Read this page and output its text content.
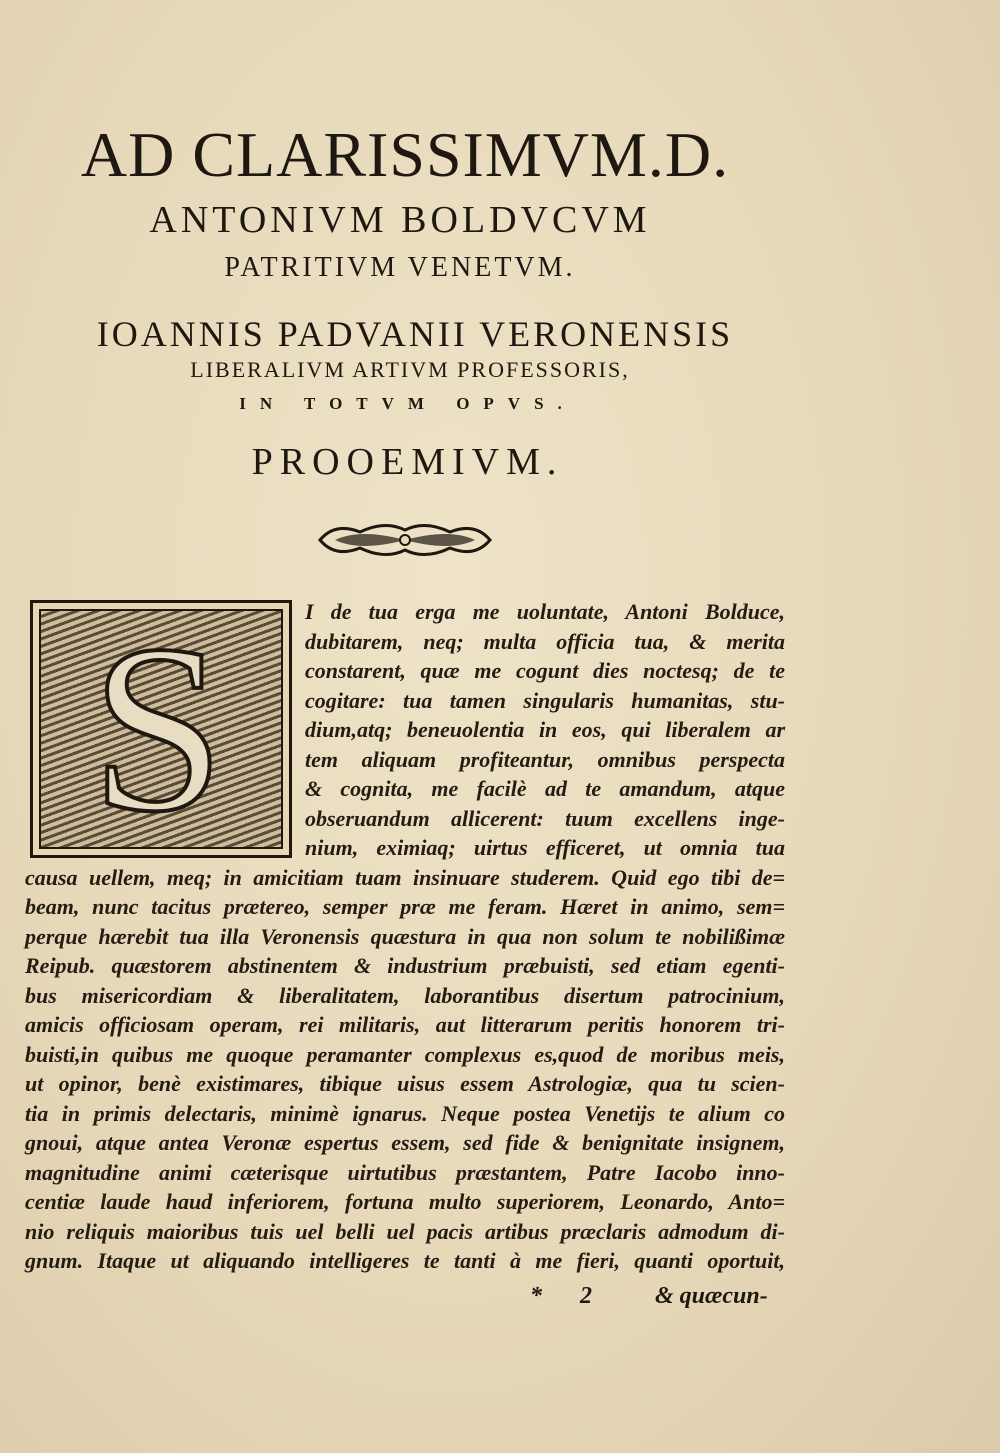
AD CLARISSIMVM.D.
ANTONIVM BOLDVCVM
PATRITIVM VENETVM.
IOANNIS PADVANII VERONENSIS
LIBERALIVM ARTIVM PROFESSORIS,
IN TOTVM OPVS.
PROOEMIVM.
S	I de tua erga me uoluntate, Antoni Bolduce,
dubitarem, neq; multa officia tua, & merita
constarent, quæ me cogunt dies noctesq; de te
cogitare: tua tamen singularis humanitas, stu-
dium,atq; beneuolentia in eos, qui liberalem ar
tem aliquam profiteantur, omnibus perspecta
& cognita, me facilè ad te amandum, atque
obseruandum allicerent: tuum excellens inge-
nium, eximiaq; uirtus efficeret, ut omnia tua
causa uellem, meq; in amicitiam tuam insinuare studerem. Quid ego tibi de=
beam, nunc tacitus prætereo, semper præ me feram. Hæret in animo, sem=
perque hærebit tua illa Veronensis quæstura in qua non solum te nobilißimæ
Reipub. quæstorem abstinentem & industrium præbuisti, sed etiam egenti-
bus misericordiam & liberalitatem, laborantibus disertum patrocinium,
amicis officiosam operam, rei militaris, aut litterarum peritis honorem tri-
buisti,in quibus me quoque peramanter complexus es,quod de moribus meis,
ut opinor, benè existimares, tibique uisus essem Astrologiæ, qua tu scien-
tia in primis delectaris, minimè ignarus. Neque postea Venetijs te alium co
gnoui, atque antea Veronæ espertus essem, sed fide & benignitate insignem,
magnitudine animi cæterisque uirtutibus præstantem, Patre Iacobo inno-
centiæ laude haud inferiorem, fortuna multo superiorem, Leonardo, Anto=
nio reliquis maioribus tuis uel belli uel pacis artibus præclaris admodum di-
gnum. Itaque ut aliquando intelligeres te tanti à me fieri, quanti oportuit,
* 2	& quæcun-
